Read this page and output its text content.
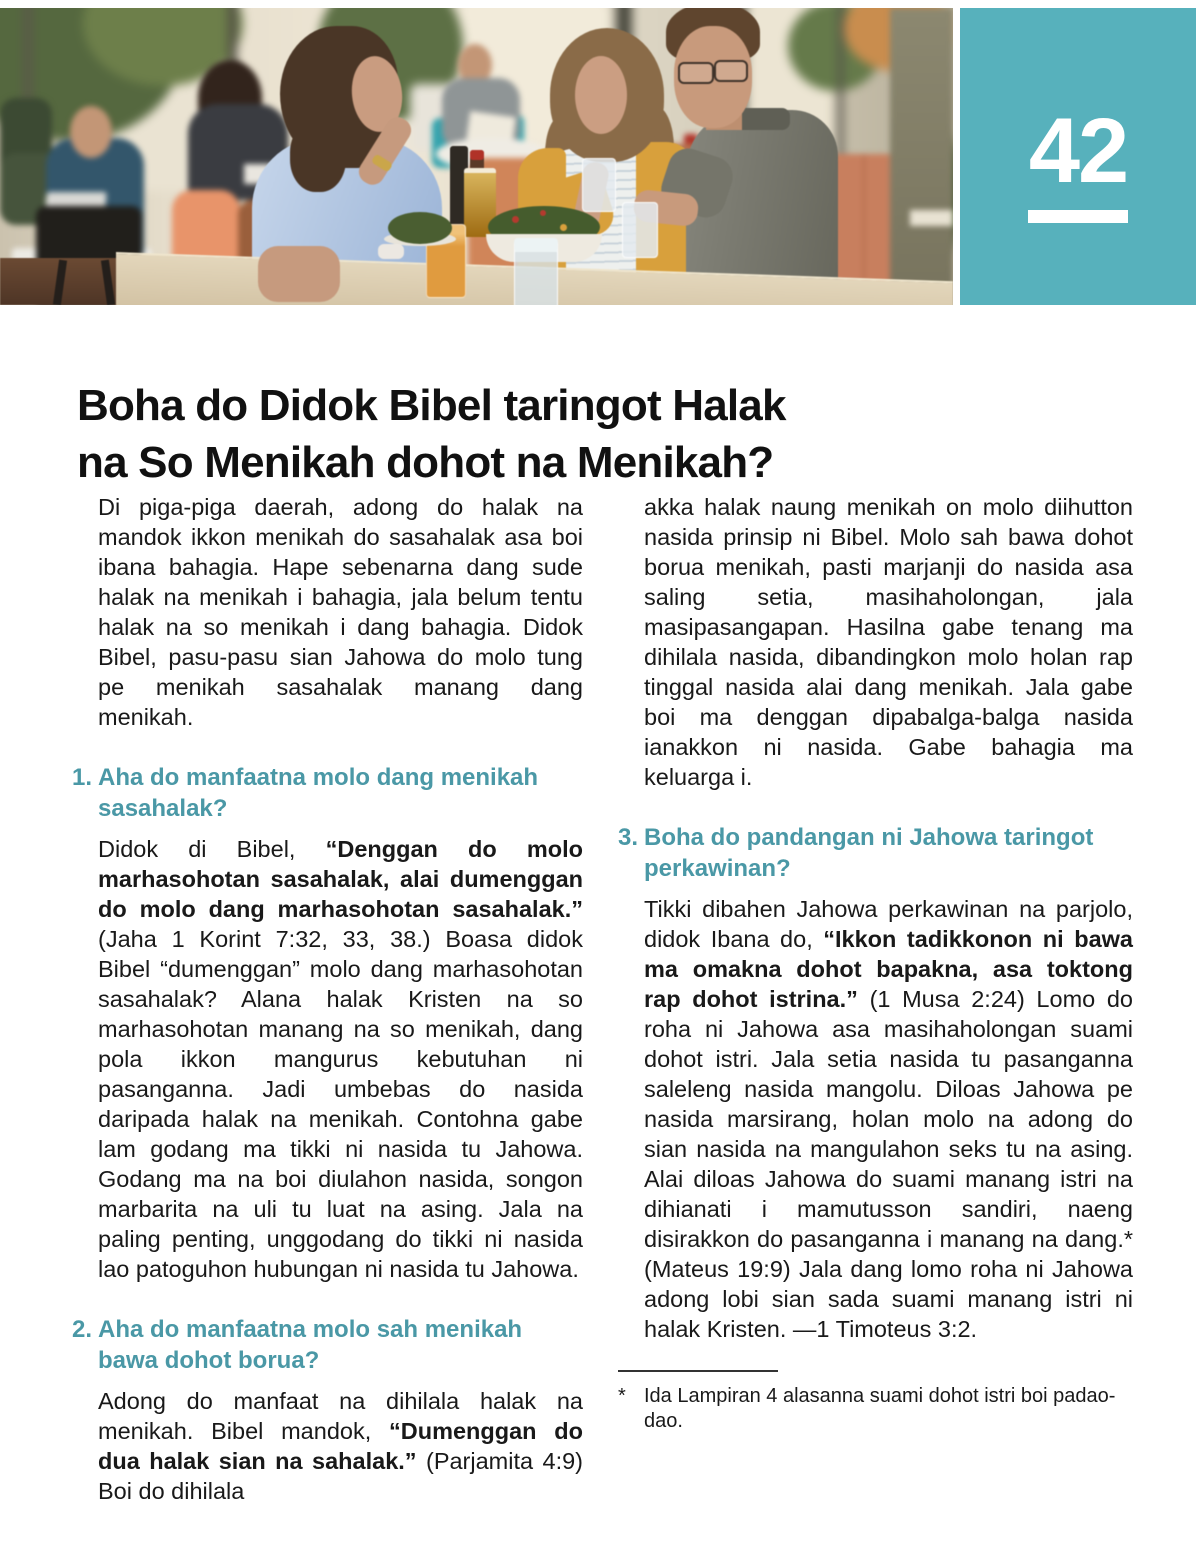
42
Boha do Didok Bibel taringot Halak
na So Menikah dohot na Menikah?

Di piga-piga daerah, adong do halak na mandok ikkon menikah do sasahalak asa boi ibana bahagia. Hape sebenarna dang sude halak na menikah i bahagia, jala belum tentu halak na so menikah i dang bahagia. Didok Bibel, pasu-pasu sian Jahowa do molo tung pe menikah sasahalak manang dang menikah.

1. Aha do manfaatna molo dang menikah sasahalak?

Didok di Bibel, “Denggan do molo marhasohotan sasahalak, alai dumenggan do molo dang marhasohotan sasahalak.” (Jaha 1 Korint 7:32, 33, 38.) Boasa didok Bibel “dumenggan” molo dang marhasohotan sasahalak? Alana halak Kristen na so marhasohotan manang na so menikah, dang pola ikkon mangurus kebutuhan ni pasanganna. Jadi umbebas do nasida daripada halak na menikah. Contohna gabe lam godang ma tikki ni nasida tu Jahowa. Godang ma na boi diulahon nasida, songon marbarita na uli tu luat na asing. Jala na paling penting, unggodang do tikki ni nasida lao patoguhon hubungan ni nasida tu Jahowa.

2. Aha do manfaatna molo sah menikah bawa dohot borua?

Adong do manfaat na dihilala halak na menikah. Bibel mandok, “Dumenggan do dua halak sian na sahalak.” (Parjamita 4:9) Boi do dihilala

akka halak naung menikah on molo diihutton nasida prinsip ni Bibel. Molo sah bawa dohot borua menikah, pasti marjanji do nasida asa saling setia, masihaholongan, jala masipasangapan. Hasilna gabe tenang ma dihilala nasida, dibandingkon molo holan rap tinggal nasida alai dang menikah. Jala gabe boi ma denggan dipabalga-balga nasida ianakkon ni nasida. Gabe bahagia ma keluarga i.

3. Boha do pandangan ni Jahowa taringot perkawinan?

Tikki dibahen Jahowa perkawinan na parjolo, didok Ibana do, “Ikkon tadikkonon ni bawa ma omakna dohot bapakna, asa toktong rap dohot istrina.” (1 Musa 2:24) Lomo do roha ni Jahowa asa masihaholongan suami dohot istri. Jala setia nasida tu pasanganna saleleng nasida mangolu. Diloas Jahowa pe nasida marsirang, holan molo na adong do sian nasida na mangulahon seks tu na asing. Alai diloas Jahowa do suami manang istri na dihianati i mamutusson sandiri, naeng disirakkon do pasanganna i manang na dang.* (Mateus 19:9) Jala dang lomo roha ni Jahowa adong lobi sian sada suami manang istri ni halak Kristen. —1 Timoteus 3:2.

* Ida Lampiran 4 alasanna suami dohot istri boi padao-dao.
